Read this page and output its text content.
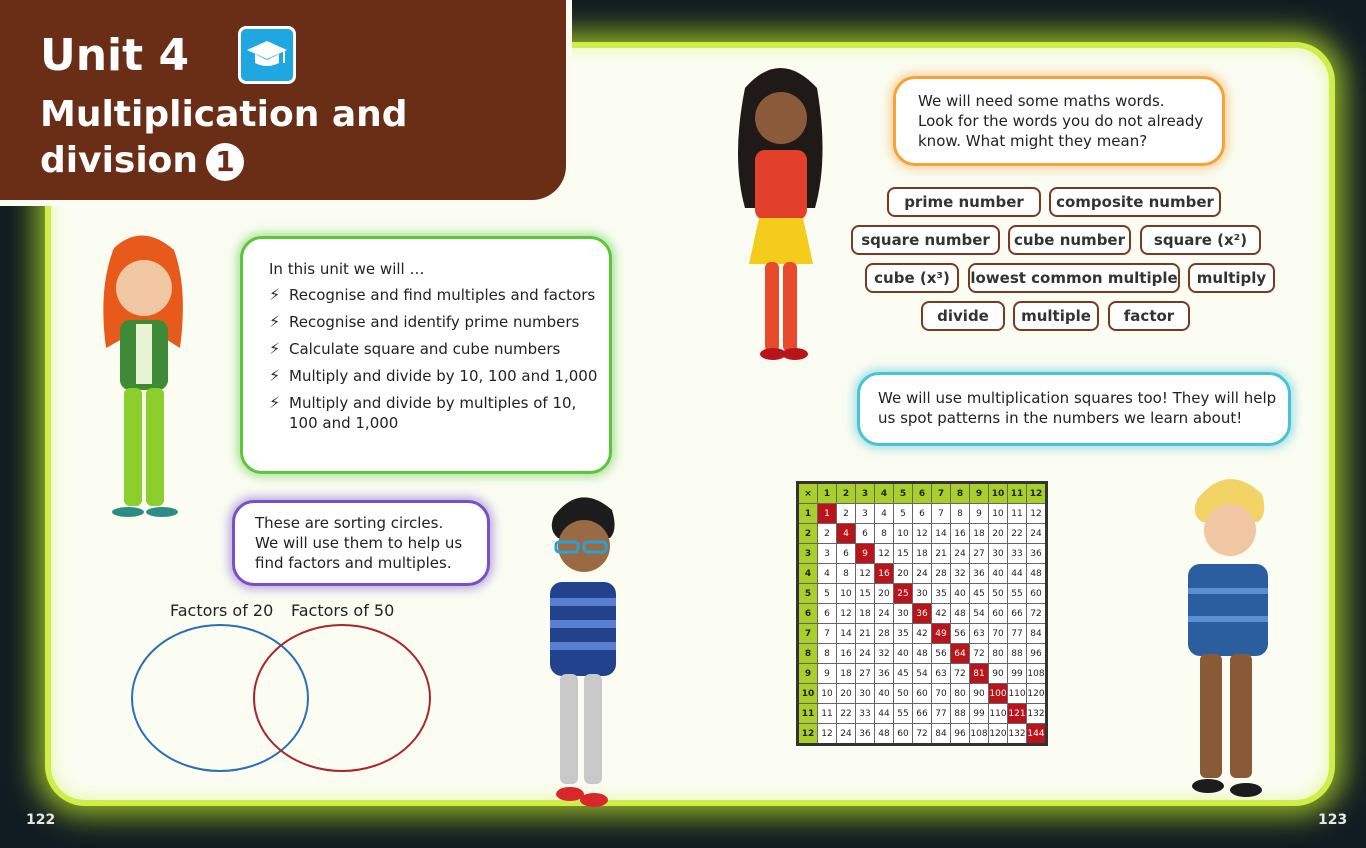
Unit 4
Multiplication and
division 1
In this unit we will …
⚡ Recognise and find multiples and factors
⚡ Recognise and identify prime numbers
⚡ Calculate square and cube numbers
⚡ Multiply and divide by 10, 100 and 1,000
⚡ Multiply and divide by multiples of 10, 100 and 1,000
We will need some maths words.
Look for the words you do not already
know. What might they mean?
prime number	composite number
square number	cube number	square (x²)
cube (x³)	lowest common multiple	multiply
divide	multiple	factor
We will use multiplication squares too! They will help
us spot patterns in the numbers we learn about!
These are sorting circles.
We will use them to help us
find factors and multiples.
Factors of 20 Factors of 50
×	1	2	3	4	5	6	7	8	9	10	11	12
1	1	2	3	4	5	6	7	8	9	10	11	12
2	2	4	6	8	10	12	14	16	18	20	22	24
3	3	6	9	12	15	18	21	24	27	30	33	36
4	4	8	12	16	20	24	28	32	36	40	44	48
5	5	10	15	20	25	30	35	40	45	50	55	60
6	6	12	18	24	30	36	42	48	54	60	66	72
7	7	14	21	28	35	42	49	56	63	70	77	84
8	8	16	24	32	40	48	56	64	72	80	88	96
9	9	18	27	36	45	54	63	72	81	90	99	108
10	10	20	30	40	50	60	70	80	90	100	110	120
11	11	22	33	44	55	66	77	88	99	110	121	132
12	12	24	36	48	60	72	84	96	108	120	132	144
122	123
